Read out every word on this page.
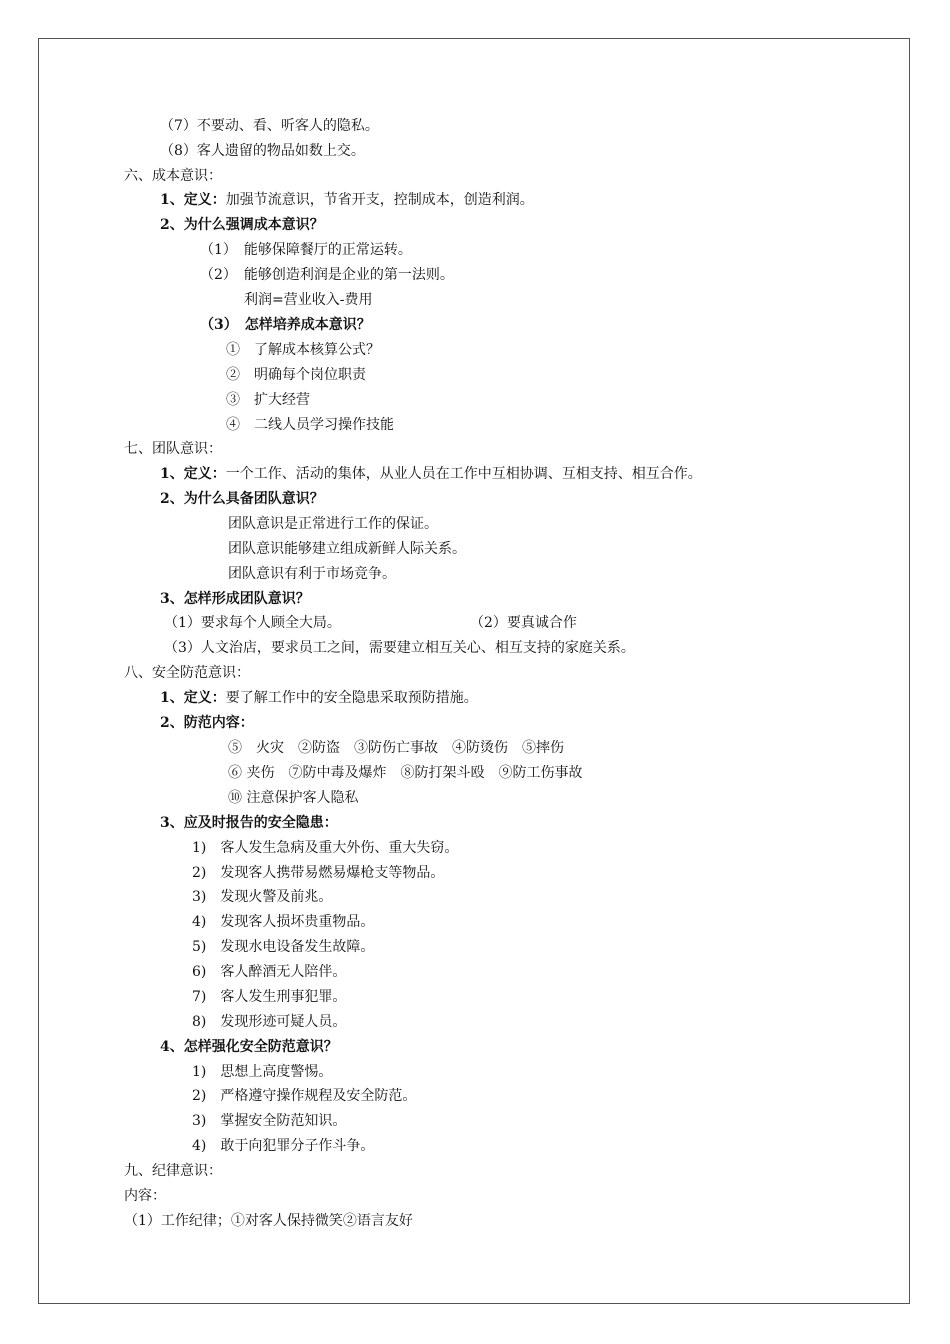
（7）不要动、看、听客人的隐私。
（8）客人遗留的物品如数上交。
六、成本意识：
1、定义：加强节流意识，节省开支，控制成本，创造利润。
2、为什么强调成本意识？
（1）　能够保障餐厅的正常运转。
（2）　能够创造利润是企业的第一法则。
利润=营业收入-费用
（3）　怎样培养成本意识？
①　了解成本核算公式？
②　明确每个岗位职责
③　扩大经营
④　二线人员学习操作技能
七、团队意识：
1、定义：一个工作、活动的集体，从业人员在工作中互相协调、互相支持、相互合作。
2、为什么具备团队意识？
团队意识是正常进行工作的保证。
团队意识能够建立组成新鲜人际关系。
团队意识有利于市场竞争。
3、怎样形成团队意识？
（1）要求每个人顾全大局。	（2）要真诚合作
（3）人文治店，要求员工之间，需要建立相互关心、相互支持的家庭关系。
八、安全防范意识：
1、定义：要了解工作中的安全隐患采取预防措施。
2、防范内容：
⑤　火灾　②防盗　③防伤亡事故　④防烫伤　⑤摔伤
⑥ 夹伤　⑦防中毒及爆炸　⑧防打架斗殴　⑨防工伤事故
⑩ 注意保护客人隐私
3、应及时报告的安全隐患：
1)　客人发生急病及重大外伤、重大失窃。
2)　发现客人携带易燃易爆枪支等物品。
3)　发现火警及前兆。
4)　发现客人损坏贵重物品。
5)　发现水电设备发生故障。
6)　客人醉酒无人陪伴。
7)　客人发生刑事犯罪。
8)　发现形迹可疑人员。
4、怎样强化安全防范意识？
1)　思想上高度警惕。
2)　严格遵守操作规程及安全防范。
3)　掌握安全防范知识。
4)　敢于向犯罪分子作斗争。
九、纪律意识：
内容：
（1）工作纪律；①对客人保持微笑②语言友好
